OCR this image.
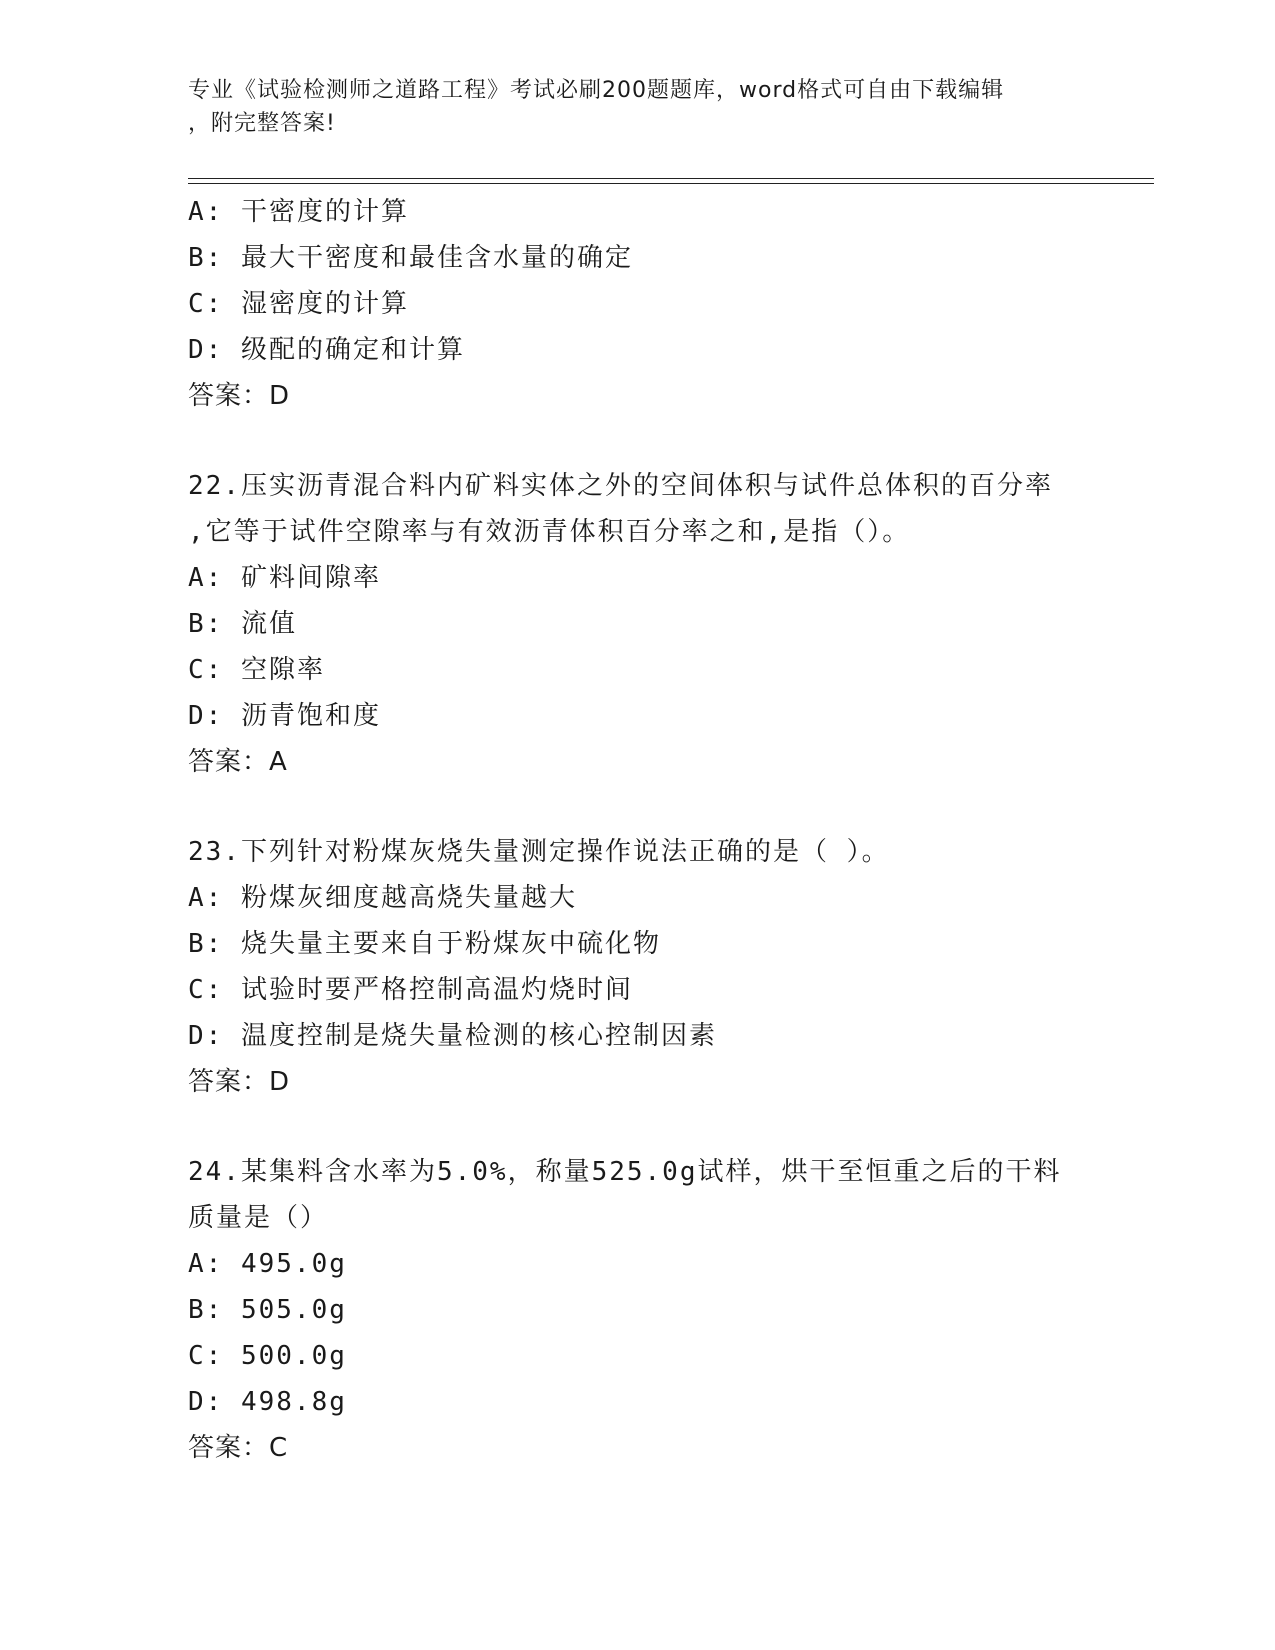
专业《试验检测师之道路工程》考试必刷200题题库，word格式可自由下载编辑
，附完整答案!
A: 干密度的计算
B: 最大干密度和最佳含水量的确定
C: 湿密度的计算
D: 级配的确定和计算
答案：D
22.压实沥青混合料内矿料实体之外的空间体积与试件总体积的百分率
,它等于试件空隙率与有效沥青体积百分率之和,是指（）。
A: 矿料间隙率
B: 流值
C: 空隙率
D: 沥青饱和度
答案：A
23.下列针对粉煤灰烧失量测定操作说法正确的是（ ）。
A: 粉煤灰细度越高烧失量越大
B: 烧失量主要来自于粉煤灰中硫化物
C: 试验时要严格控制高温灼烧时间
D: 温度控制是烧失量检测的核心控制因素
答案：D
24.某集料含水率为5.0%，称量525.0g试样，烘干至恒重之后的干料
质量是（）
A: 495.0g
B: 505.0g
C: 500.0g
D: 498.8g
答案：C
